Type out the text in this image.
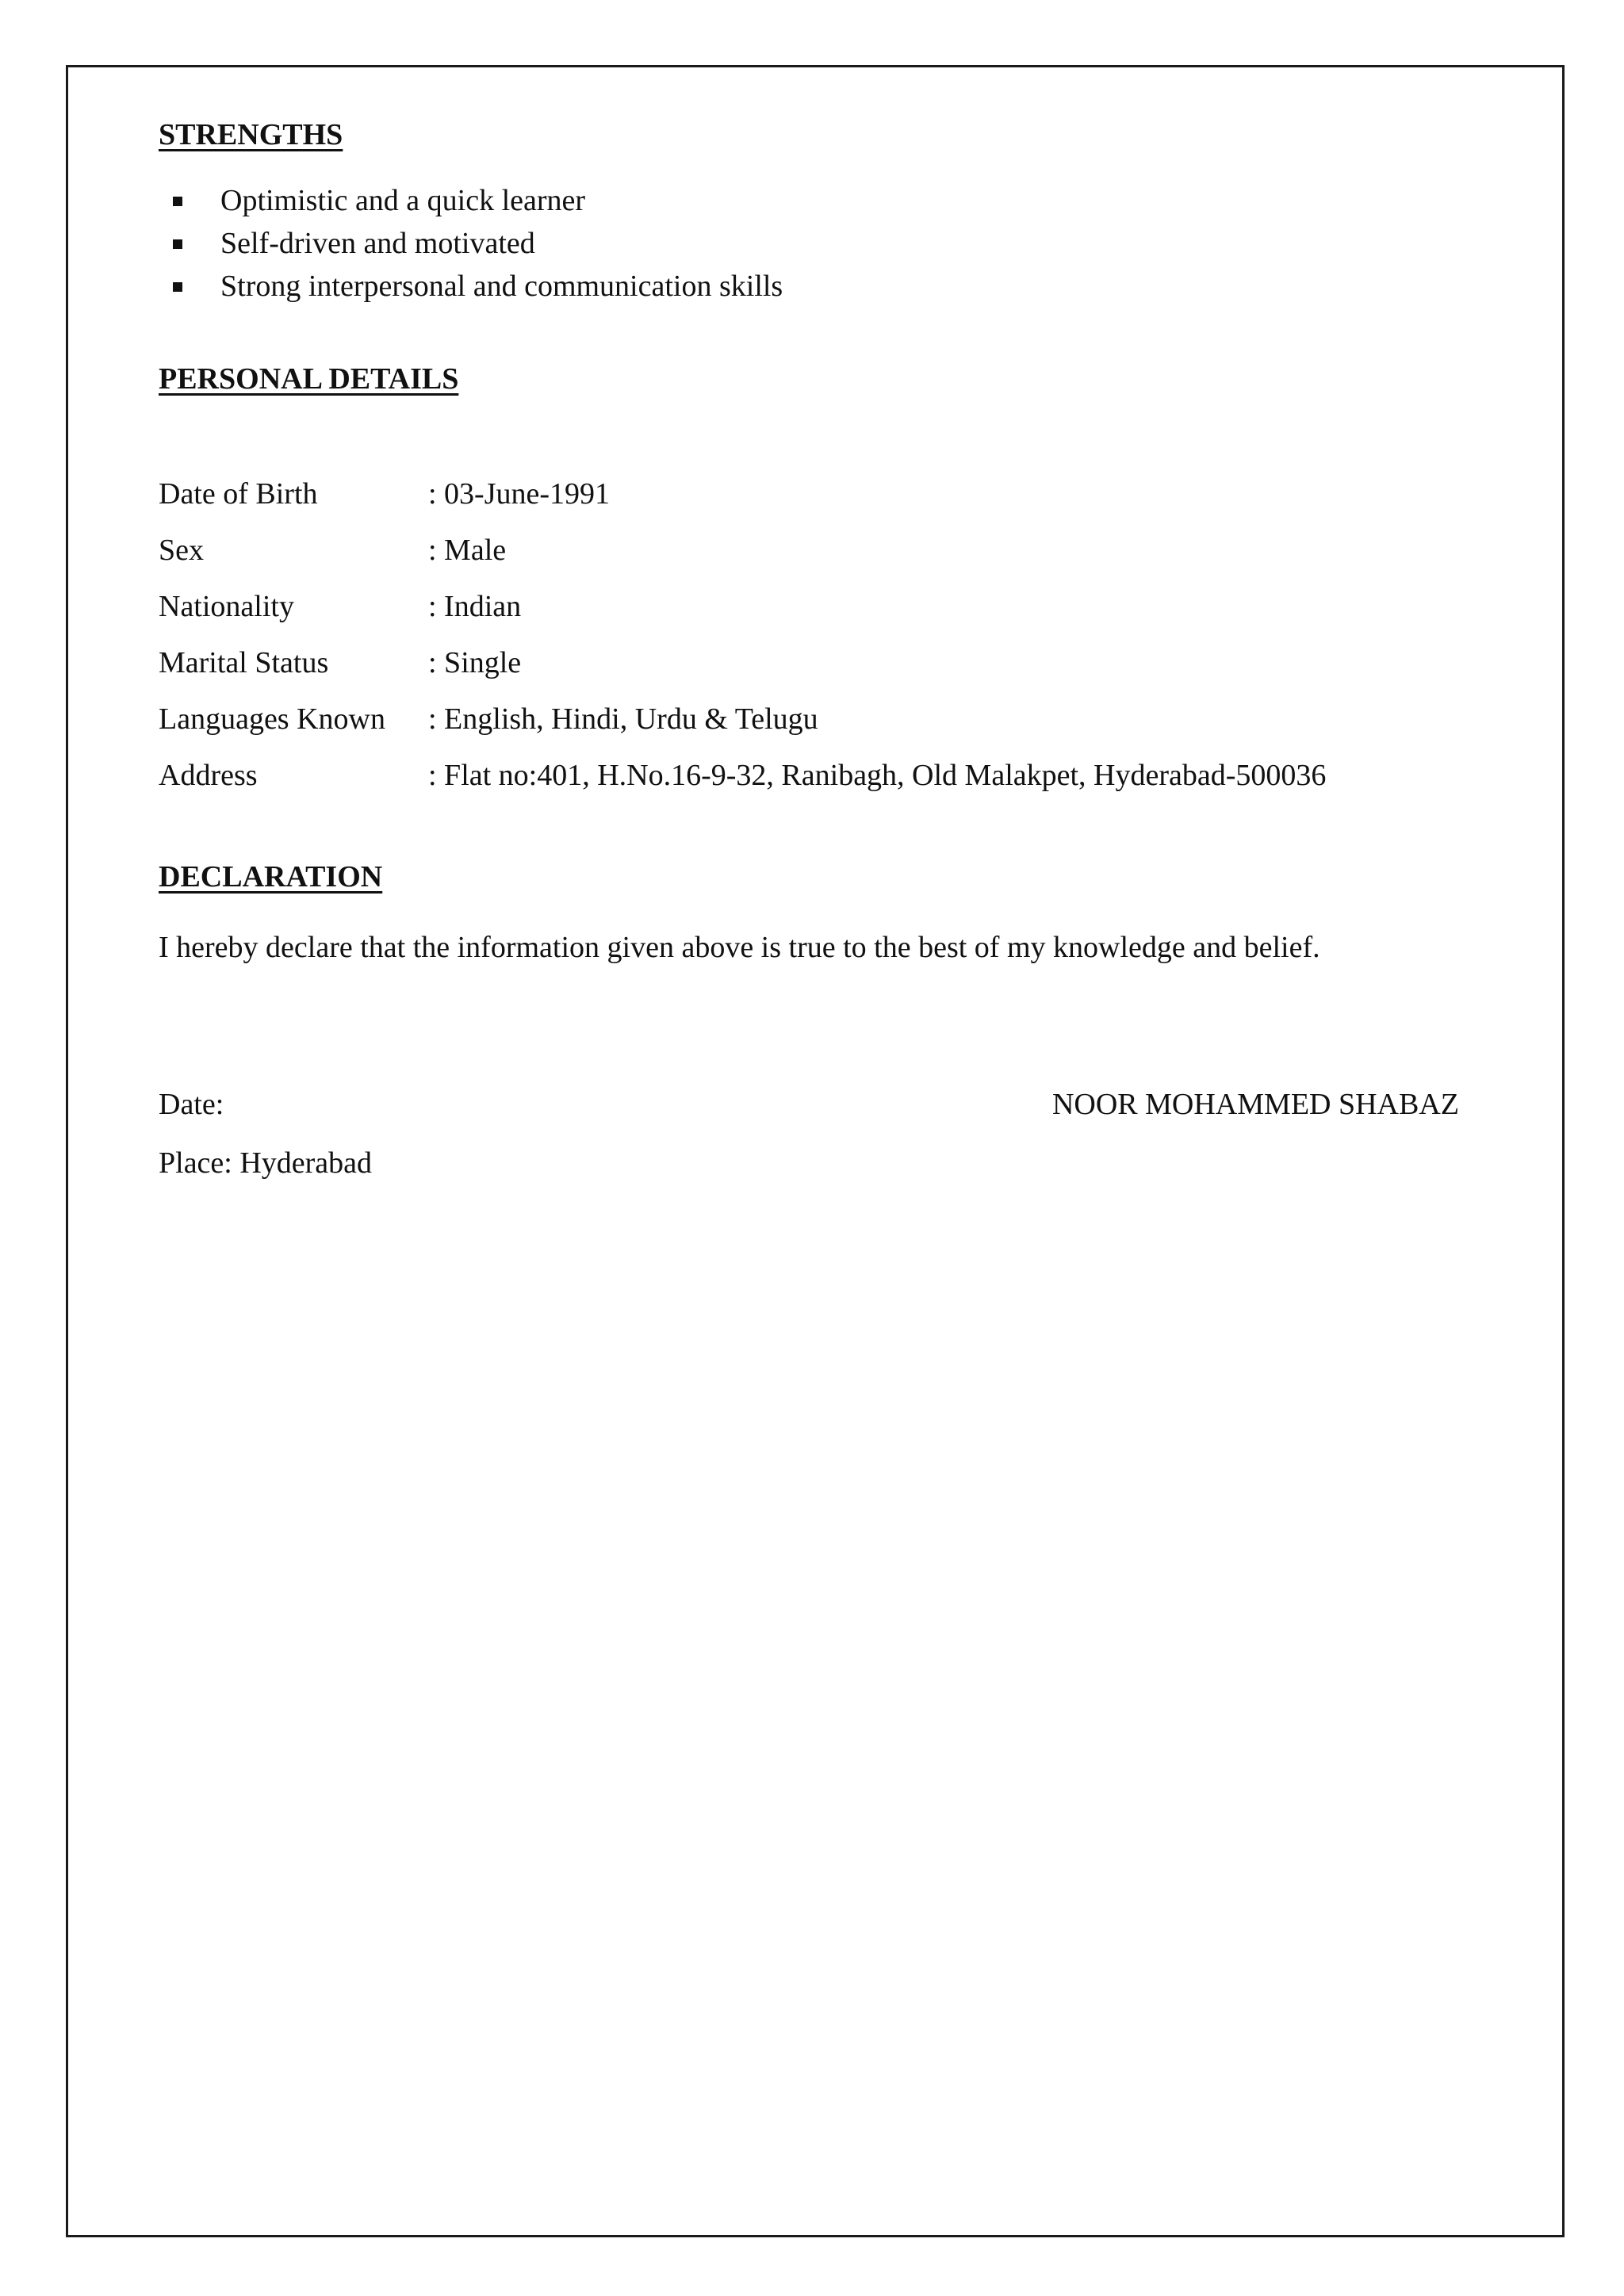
STRENGTHS
Optimistic and a quick learner
Self-driven and motivated
Strong interpersonal and communication skills
PERSONAL DETAILS
Date of Birth	: 03-June-1991
Sex	: Male
Nationality	: Indian
Marital Status	: Single
Languages Known	: English, Hindi, Urdu & Telugu
Address	: Flat no:401, H.No.16-9-32, Ranibagh, Old Malakpet, Hyderabad-500036
DECLARATION

I hereby declare that the information given above is true to the best of my knowledge and belief.

Date:	NOOR MOHAMMED SHABAZ
Place: Hyderabad
